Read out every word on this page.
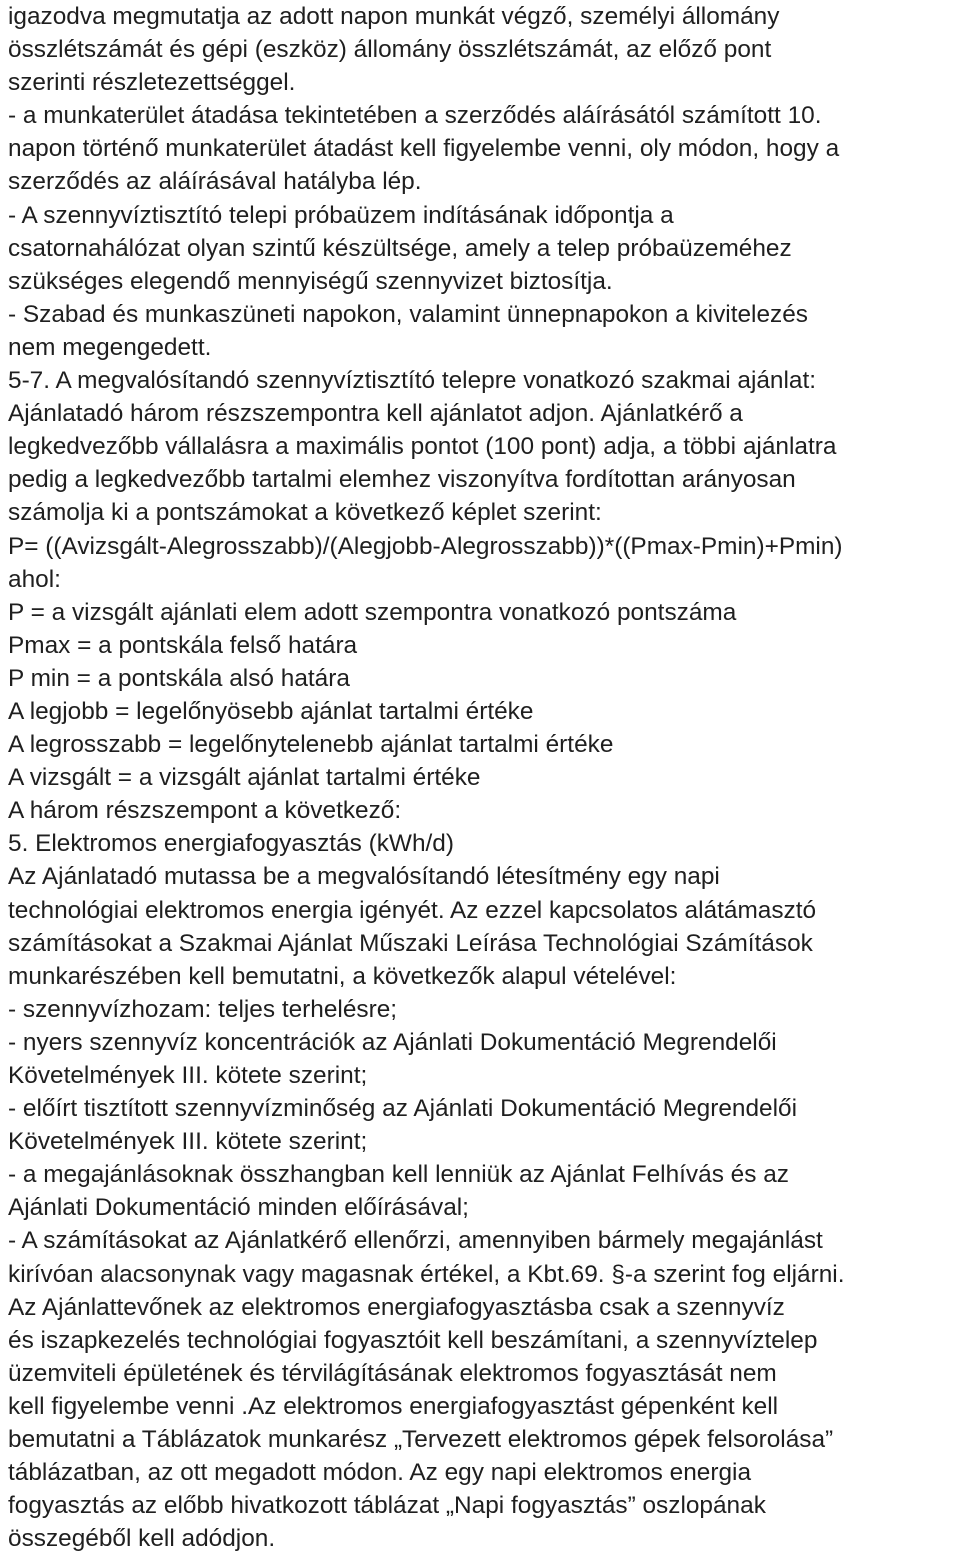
igazodva megmutatja az adott napon munkát végző, személyi állomány
összlétszámát és gépi (eszköz) állomány összlétszámát, az előző pont
szerinti részletezettséggel.
- a munkaterület átadása tekintetében a szerződés aláírásától számított 10.
napon történő munkaterület átadást kell figyelembe venni, oly módon, hogy a
szerződés az aláírásával hatályba lép.
- A szennyvíztisztító telepi próbaüzem indításának időpontja a
csatornahálózat olyan szintű készültsége, amely a telep próbaüzeméhez
szükséges elegendő mennyiségű szennyvizet biztosítja.
- Szabad és munkaszüneti napokon, valamint ünnepnapokon a kivitelezés
nem megengedett.
5-7. A megvalósítandó szennyvíztisztító telepre vonatkozó szakmai ajánlat:
Ajánlatadó három részszempontra kell ajánlatot adjon. Ajánlatkérő a
legkedvezőbb vállalásra a maximális pontot (100 pont) adja, a többi ajánlatra
pedig a legkedvezőbb tartalmi elemhez viszonyítva fordítottan arányosan
számolja ki a pontszámokat a következő képlet szerint:
P= ((Avizsgált-Alegrosszabb)/(Alegjobb-Alegrosszabb))*((Pmax-Pmin)+Pmin)
ahol:
P = a vizsgált ajánlati elem adott szempontra vonatkozó pontszáma
Pmax = a pontskála felső határa
P min = a pontskála alsó határa
A legjobb = legelőnyösebb ajánlat tartalmi értéke
A legrosszabb = legelőnytelenebb ajánlat tartalmi értéke
A vizsgált = a vizsgált ajánlat tartalmi értéke
A három részszempont a következő:
5. Elektromos energiafogyasztás (kWh/d)
Az Ajánlatadó mutassa be a megvalósítandó létesítmény egy napi
technológiai elektromos energia igényét. Az ezzel kapcsolatos alátámasztó
számításokat a Szakmai Ajánlat Műszaki Leírása Technológiai Számítások
munkarészében kell bemutatni, a következők alapul vételével:
- szennyvízhozam: teljes terhelésre;
- nyers szennyvíz koncentrációk az Ajánlati Dokumentáció Megrendelői
Követelmények III. kötete szerint;
- előírt tisztított szennyvízminőség az Ajánlati Dokumentáció Megrendelői
Követelmények III. kötete szerint;
- a megajánlásoknak összhangban kell lenniük az Ajánlat Felhívás és az
Ajánlati Dokumentáció minden előírásával;
- A számításokat az Ajánlatkérő ellenőrzi, amennyiben bármely megajánlást
kirívóan alacsonynak vagy magasnak értékel, a Kbt.69. §-a szerint fog eljárni.
Az Ajánlattevőnek az elektromos energiafogyasztásba csak a szennyvíz
és iszapkezelés technológiai fogyasztóit kell beszámítani, a szennyvíztelep
üzemviteli épületének és térvilágításának elektromos fogyasztását nem
kell figyelembe venni .Az elektromos energiafogyasztást gépenként kell
bemutatni a Táblázatok munkarész „Tervezett elektromos gépek felsorolása”
táblázatban, az ott megadott módon. Az egy napi elektromos energia
fogyasztás az előbb hivatkozott táblázat „Napi fogyasztás” oszlopának
összegéből kell adódjon.
